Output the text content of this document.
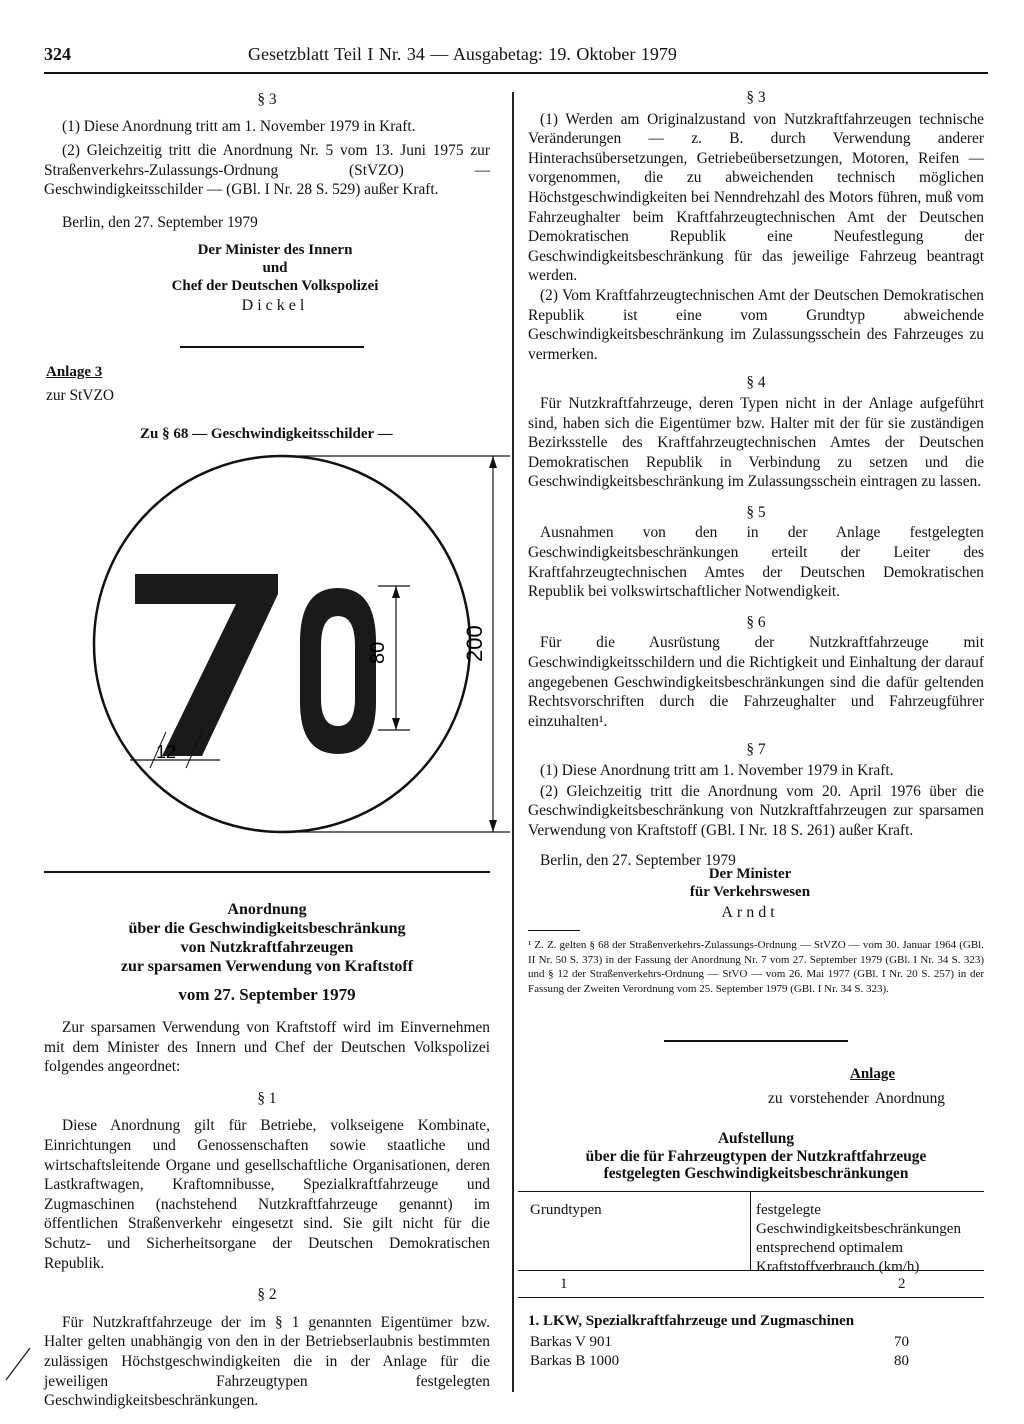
324	Gesetzblatt Teil I Nr. 34 — Ausgabetag: 19. Oktober 1979

§ 3

(1) Diese Anordnung tritt am 1. November 1979 in Kraft.

(2) Gleichzeitig tritt die Anordnung Nr. 5 vom 13. Juni 1975 zur Straßenverkehrs-Zulassungs-Ordnung (StVZO) — Geschwindigkeitsschilder — (GBl. I Nr. 28 S. 529) außer Kraft.

Berlin, den 27. September 1979

Der Minister des Innern
und
Chef der Deutschen Volkspolizei
Dickel
Anlage 3
zur StVZO
Zu § 68 — Geschwindigkeitsschilder —
12
80	200
70
Anordnung
über die Geschwindigkeitsbeschränkung
von Nutzkraftfahrzeugen
zur sparsamen Verwendung von Kraftstoff
vom 27. September 1979

Zur sparsamen Verwendung von Kraftstoff wird im Einvernehmen mit dem Minister des Innern und Chef der Deutschen Volkspolizei folgendes angeordnet:

§ 1

Diese Anordnung gilt für Betriebe, volkseigene Kombinate, Einrichtungen und Genossenschaften sowie staatliche und wirtschaftsleitende Organe und gesellschaftliche Organisationen, deren Lastkraftwagen, Kraftomnibusse, Spezialkraftfahrzeuge und Zugmaschinen (nachstehend Nutzkraftfahrzeuge genannt) im öffentlichen Straßenverkehr eingesetzt sind. Sie gilt nicht für die Schutz- und Sicherheitsorgane der Deutschen Demokratischen Republik.

§ 2

Für Nutzkraftfahrzeuge der im § 1 genannten Eigentümer bzw. Halter gelten unabhängig von den in der Betriebserlaubnis bestimmten zulässigen Höchstgeschwindigkeiten die in der Anlage für die jeweiligen Fahrzeugtypen festgelegten Geschwindigkeitsbeschränkungen.

§ 3

(1) Werden am Originalzustand von Nutzkraftfahrzeugen technische Veränderungen — z. B. durch Verwendung anderer Hinterachsübersetzungen, Getriebeübersetzungen, Motoren, Reifen — vorgenommen, die zu abweichenden technisch möglichen Höchstgeschwindigkeiten bei Nenndrehzahl des Motors führen, muß vom Fahrzeughalter beim Kraftfahrzeugtechnischen Amt der Deutschen Demokratischen Republik eine Neufestlegung der Geschwindigkeitsbeschränkung für das jeweilige Fahrzeug beantragt werden.

(2) Vom Kraftfahrzeugtechnischen Amt der Deutschen Demokratischen Republik ist eine vom Grundtyp abweichende Geschwindigkeitsbeschränkung im Zulassungsschein des Fahrzeuges zu vermerken.

§ 4

Für Nutzkraftfahrzeuge, deren Typen nicht in der Anlage aufgeführt sind, haben sich die Eigentümer bzw. Halter mit der für sie zuständigen Bezirksstelle des Kraftfahrzeugtechnischen Amtes der Deutschen Demokratischen Republik in Verbindung zu setzen und die Geschwindigkeitsbeschränkung im Zulassungsschein eintragen zu lassen.

§ 5

Ausnahmen von den in der Anlage festgelegten Geschwindigkeitsbeschränkungen erteilt der Leiter des Kraftfahrzeugtechnischen Amtes der Deutschen Demokratischen Republik bei volkswirtschaftlicher Notwendigkeit.

§ 6

Für die Ausrüstung der Nutzkraftfahrzeuge mit Geschwindigkeitsschildern und die Richtigkeit und Einhaltung der darauf angegebenen Geschwindigkeitsbeschränkungen sind die dafür geltenden Rechtsvorschriften durch die Fahrzeughalter und Fahrzeugführer einzuhalten¹.

§ 7

(1) Diese Anordnung tritt am 1. November 1979 in Kraft.

(2) Gleichzeitig tritt die Anordnung vom 20. April 1976 über die Geschwindigkeitsbeschränkung von Nutzkraftfahrzeugen zur sparsamen Verwendung von Kraftstoff (GBl. I Nr. 18 S. 261) außer Kraft.

Berlin, den 27. September 1979

Der Minister
für Verkehrswesen
Arndt

¹ Z. Z. gelten § 68 der Straßenverkehrs-Zulassungs-Ordnung — StVZO — vom 30. Januar 1964 (GBl. II Nr. 50 S. 373) in der Fassung der Anordnung Nr. 7 vom 27. September 1979 (GBl. I Nr. 34 S. 323) und § 12 der Straßenverkehrs-Ordnung — StVO — vom 26. Mai 1977 (GBl. I Nr. 20 S. 257) in der Fassung der Zweiten Verordnung vom 25. September 1979 (GBl. I Nr. 34 S. 323).

Anlage
zu vorstehender Anordnung
Aufstellung
über die für Fahrzeugtypen der Nutzkraftfahrzeuge
festgelegten Geschwindigkeitsbeschränkungen
Grundtypen	festgelegte Geschwindigkeitsbeschränkungen entsprechend optimalem Kraftstoffverbrauch (km/h)
1	2
1. LKW, Spezialkraftfahrzeuge und Zugmaschinen
Barkas V 901	70
Barkas B 1000	80
